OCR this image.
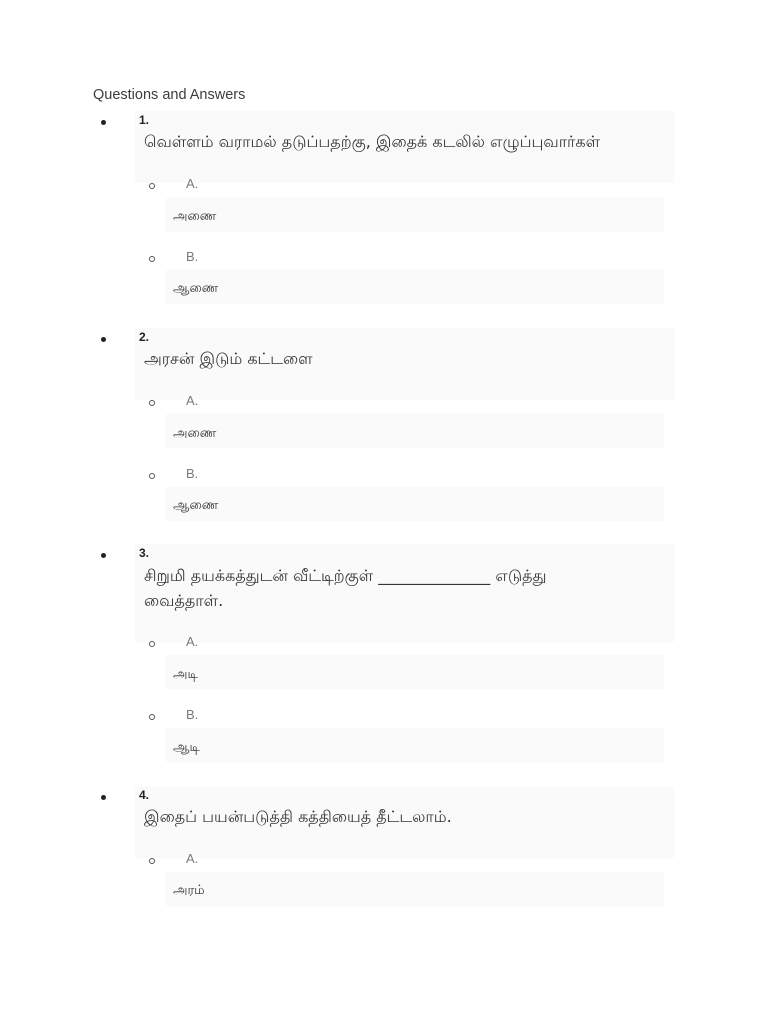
Questions and Answers
1.
வெள்ளம் வராமல் தடுப்பதற்கு, இதைக் கடலில் எழுப்புவார்கள்
A.
அணை
B.
ஆணை
2.
அரசன் இடும் கட்டளை
A.
அணை
B.
ஆணை
3.
சிறுமி தயக்கத்துடன் வீட்டிற்குள் ______________ எடுத்து
வைத்தாள்.
A.
அடி
B.
ஆடி
4.
இதைப் பயன்படுத்தி கத்தியைத் தீட்டலாம்.
A.
அரம்
